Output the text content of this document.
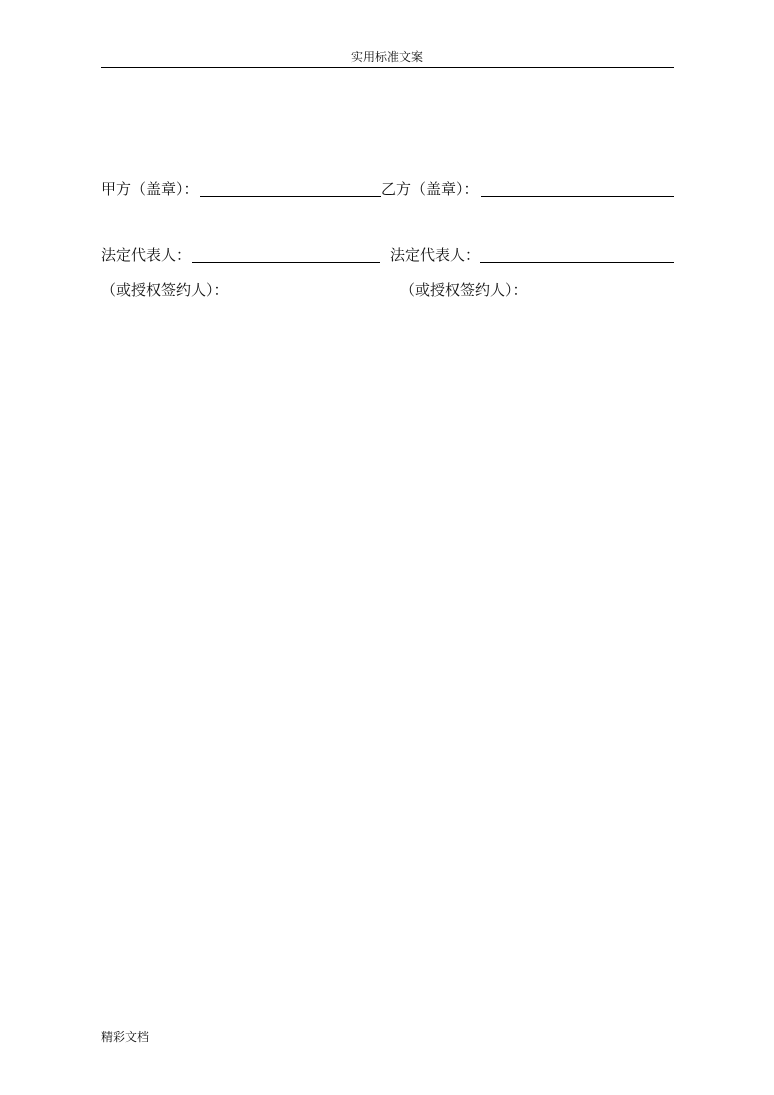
实用标准文案
甲方（盖章）：	乙方（盖章）：
法定代表人：	法定代表人：
（或授权签约人）：	（或授权签约人）：
精彩文档
